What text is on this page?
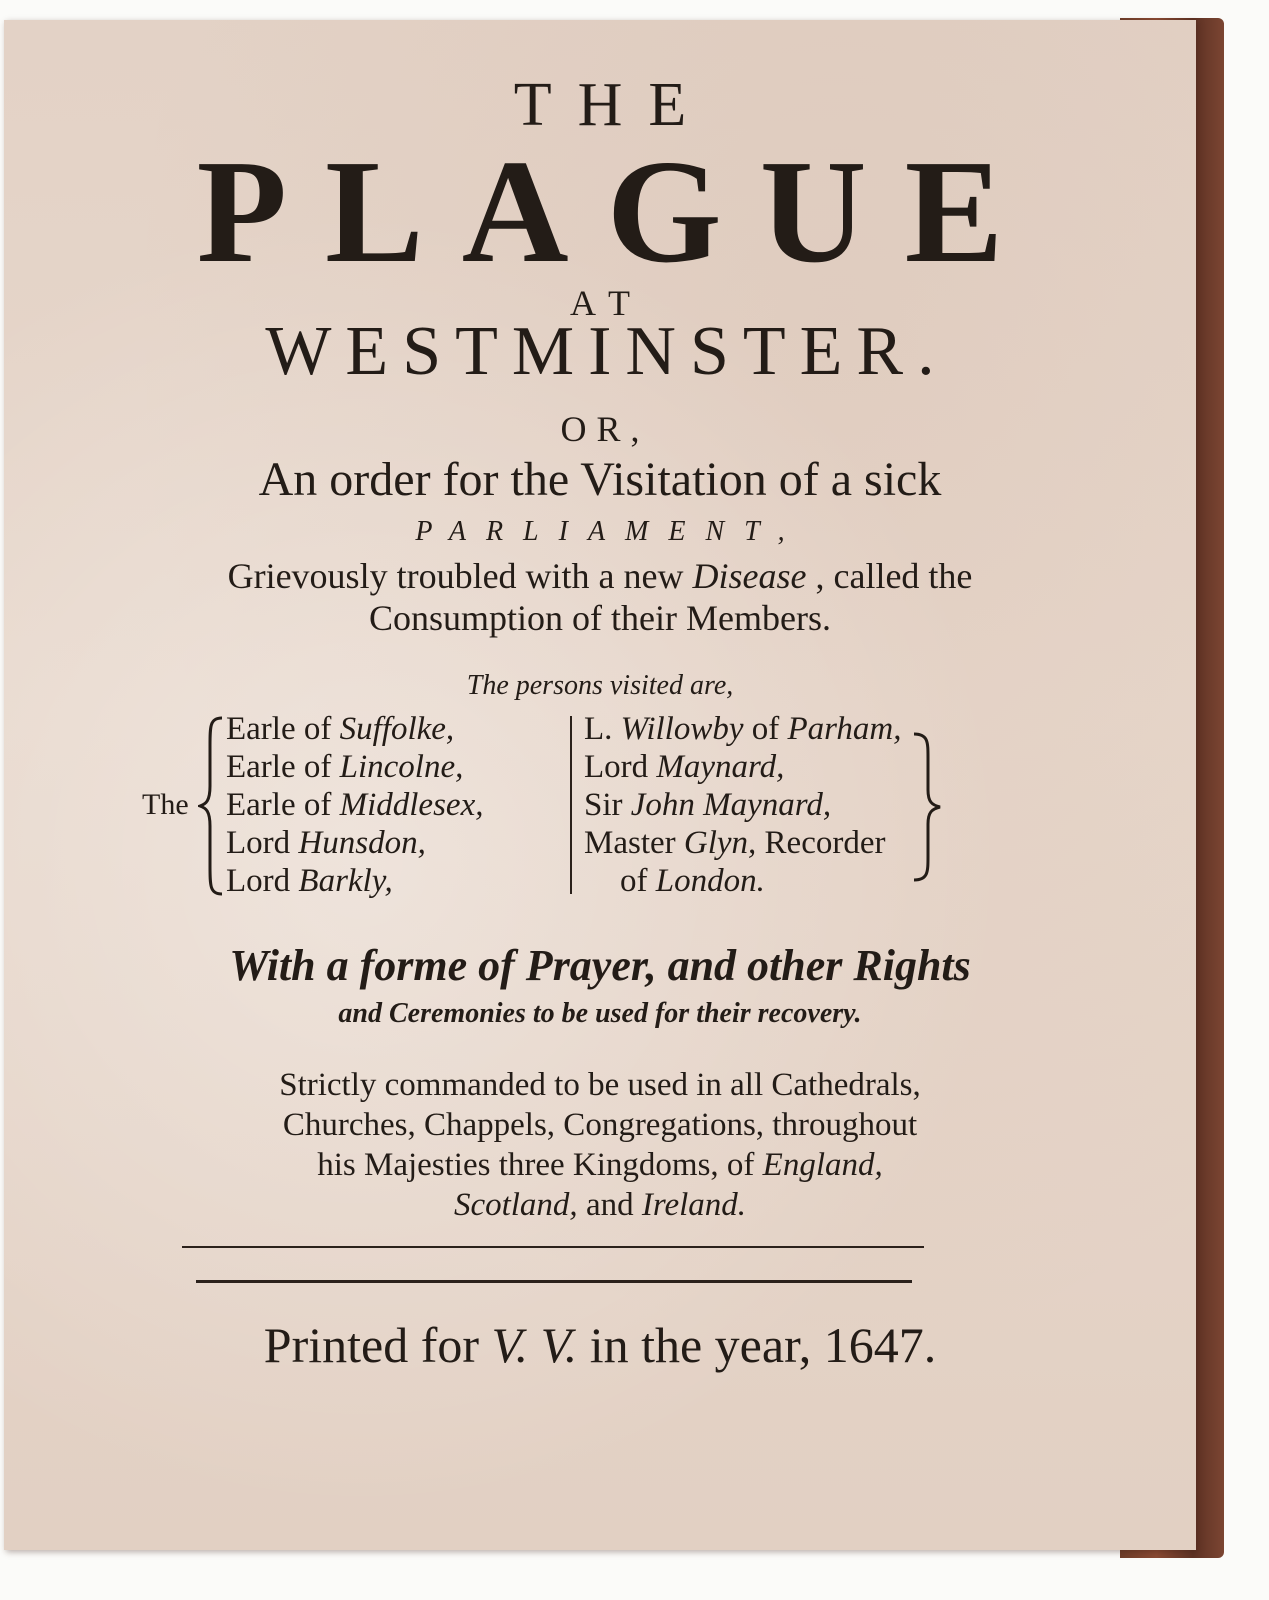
THE
PLAGUE
AT
WESTMINSTER.
OR,
An order for the Visitation of a sick
PARLIAMENT,
Grievously troubled with a new Disease , called the
Consumption of their Members.
The persons visited are,
The
Earle of Suffolke,
Earle of Lincolne,
Earle of Middlesex,
Lord Hunsdon,
Lord Barkly,
L. Willowby of Parham,
Lord Maynard,
Sir John Maynard,
Master Glyn, Recorder
of London.
With a forme of Prayer, and other Rights
and Ceremonies to be used for their recovery.
Strictly commanded to be used in all Cathedrals,
Churches, Chappels, Congregations, throughout
his Majesties three Kingdoms, of England,
Scotland, and Ireland.
Printed for V. V. in the year, 1647.
